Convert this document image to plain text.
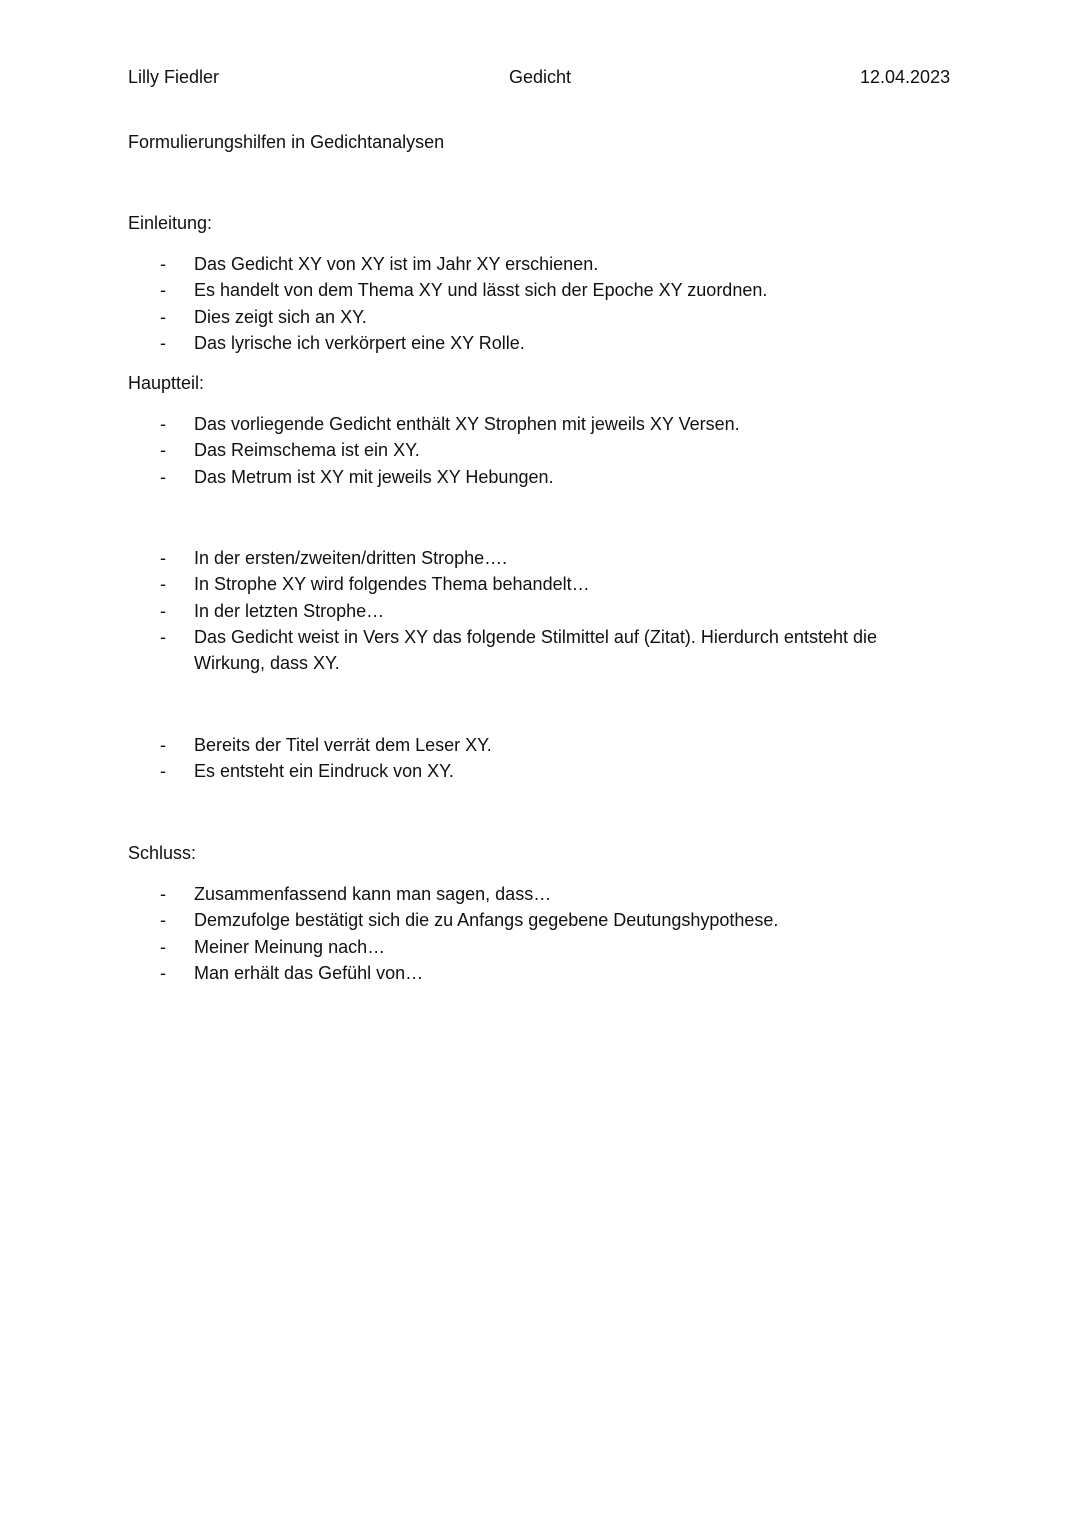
Lilly Fiedler	Gedicht	12.04.2023
Formulierungshilfen in Gedichtanalysen
Einleitung:
- Das Gedicht XY von XY ist im Jahr XY erschienen.
- Es handelt von dem Thema XY und lässt sich der Epoche XY zuordnen.
- Dies zeigt sich an XY.
- Das lyrische ich verkörpert eine XY Rolle.
Hauptteil:
- Das vorliegende Gedicht enthält XY Strophen mit jeweils XY Versen.
- Das Reimschema ist ein XY.
- Das Metrum ist XY mit jeweils XY Hebungen.
- In der ersten/zweiten/dritten Strophe….
- In Strophe XY wird folgendes Thema behandelt…
- In der letzten Strophe…
- Das Gedicht weist in Vers XY das folgende Stilmittel auf (Zitat). Hierdurch entsteht die Wirkung, dass XY.
- Bereits der Titel verrät dem Leser XY.
- Es entsteht ein Eindruck von XY.
Schluss:
- Zusammenfassend kann man sagen, dass…
- Demzufolge bestätigt sich die zu Anfangs gegebene Deutungshypothese.
- Meiner Meinung nach…
- Man erhält das Gefühl von…
